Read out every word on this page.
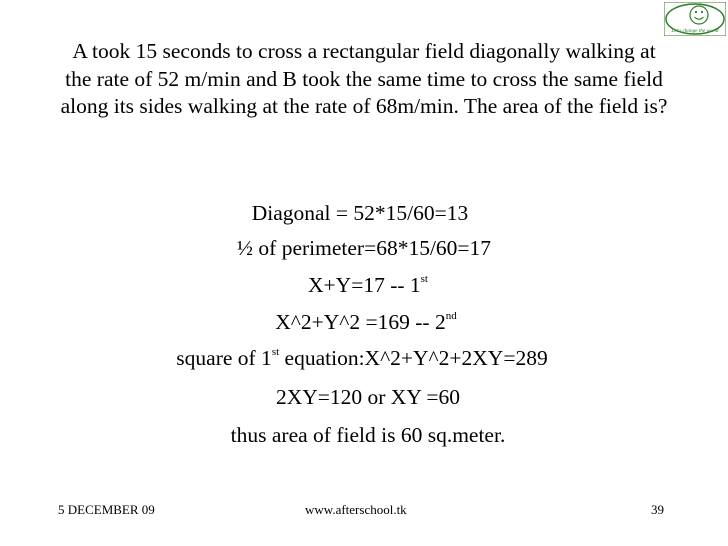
Let's change the world
A took 15 seconds to cross a rectangular field diagonally walking at the rate of 52 m/min and B took the same time to cross the same field along its sides walking at the rate of 68m/min. The area of the field is?
Diagonal = 52*15/60=13
½ of perimeter=68*15/60=17
X+Y=17 -- 1st
X^2+Y^2 =169 -- 2nd
square of 1st equation:X^2+Y^2+2XY=289
2XY=120 or XY =60
thus area of field is 60 sq.meter.
5 DECEMBER 09	www.afterschool.tk	39
